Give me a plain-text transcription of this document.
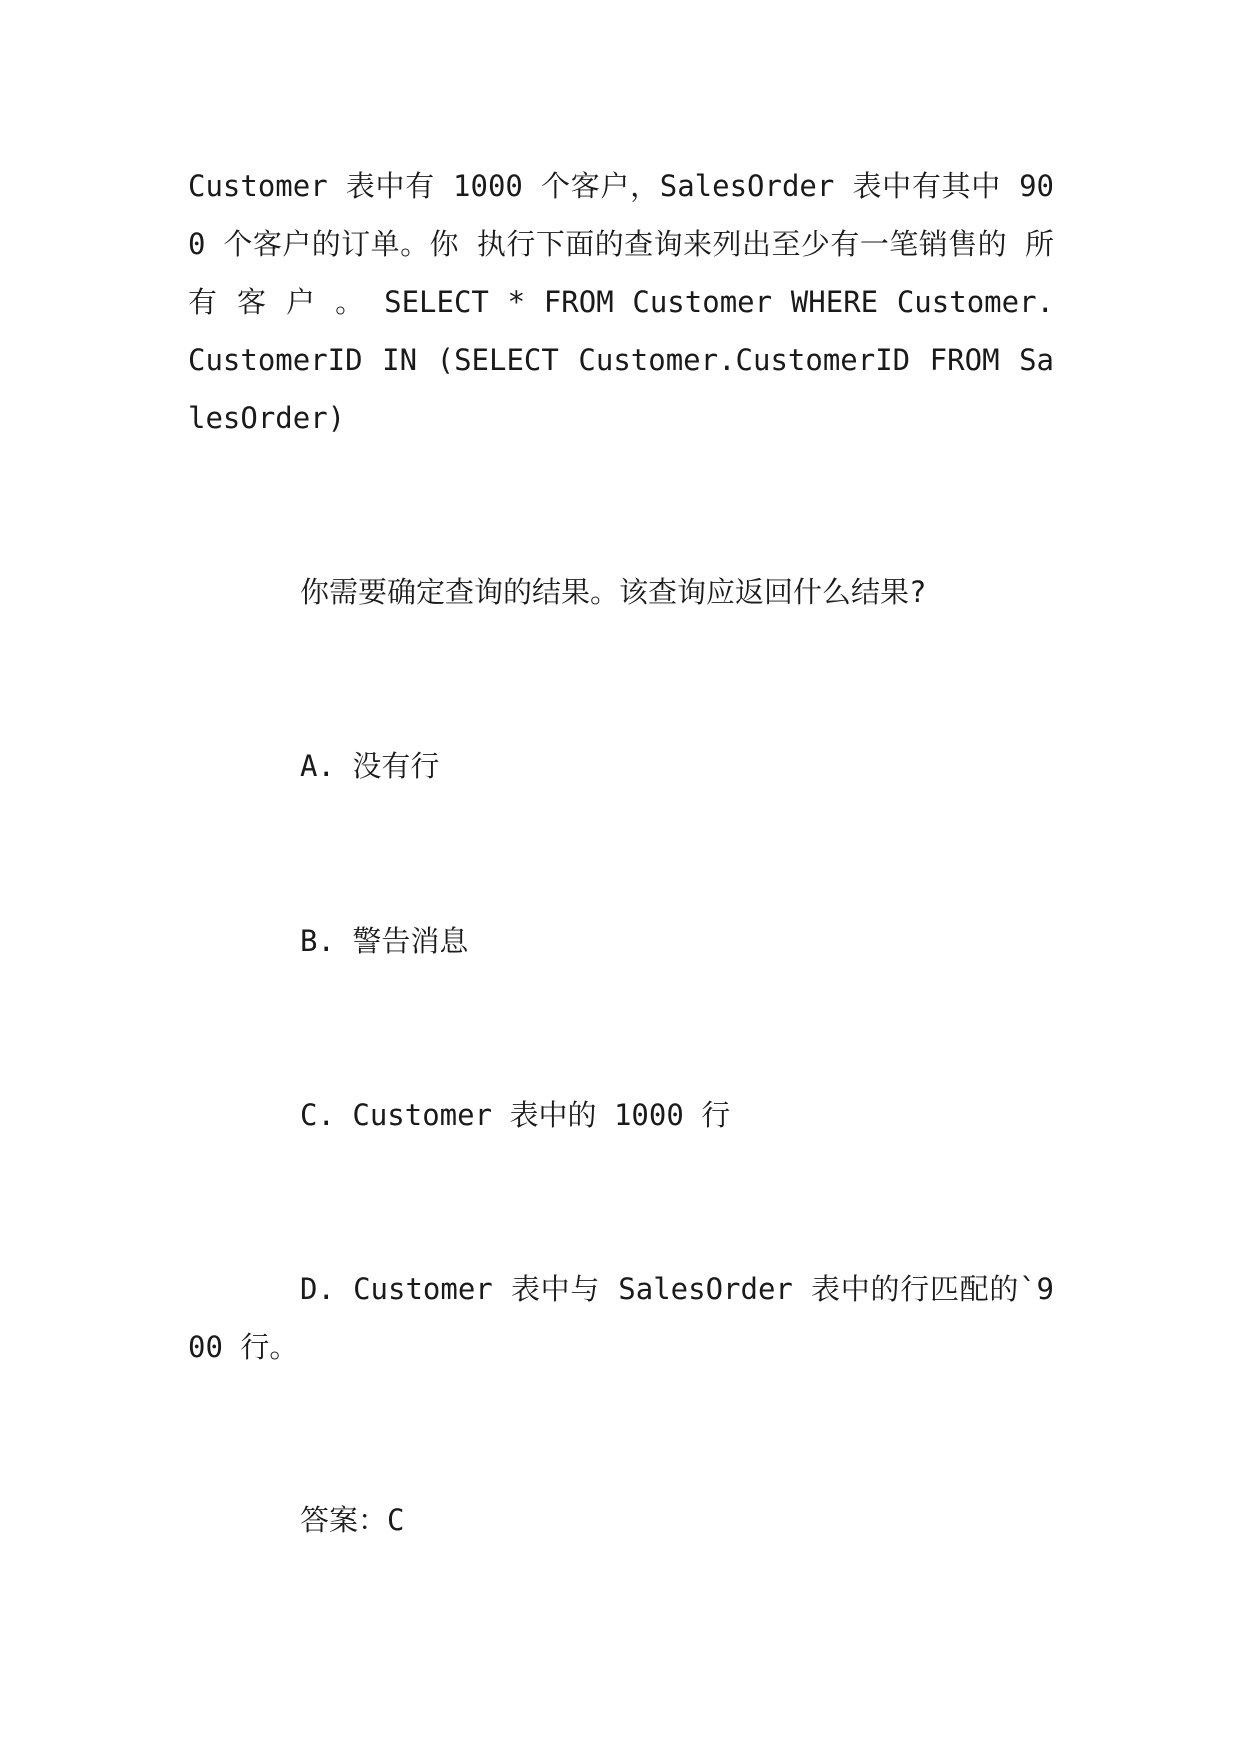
Customer 表中有 1000 个客户，SalesOrder 表中有其中 900 个客户的订单。你 执行下面的查询来列出至少有一笔销售的 所 有 客 户 。 SELECT * FROM Customer WHERE Customer.CustomerID IN (SELECT Customer.CustomerID FROM SalesOrder)

你需要确定查询的结果。该查询应返回什么结果?

A. 没有行

B. 警告消息

C. Customer 表中的 1000 行

D. Customer 表中与 SalesOrder 表中的行匹配的`900 行。

答案：C
